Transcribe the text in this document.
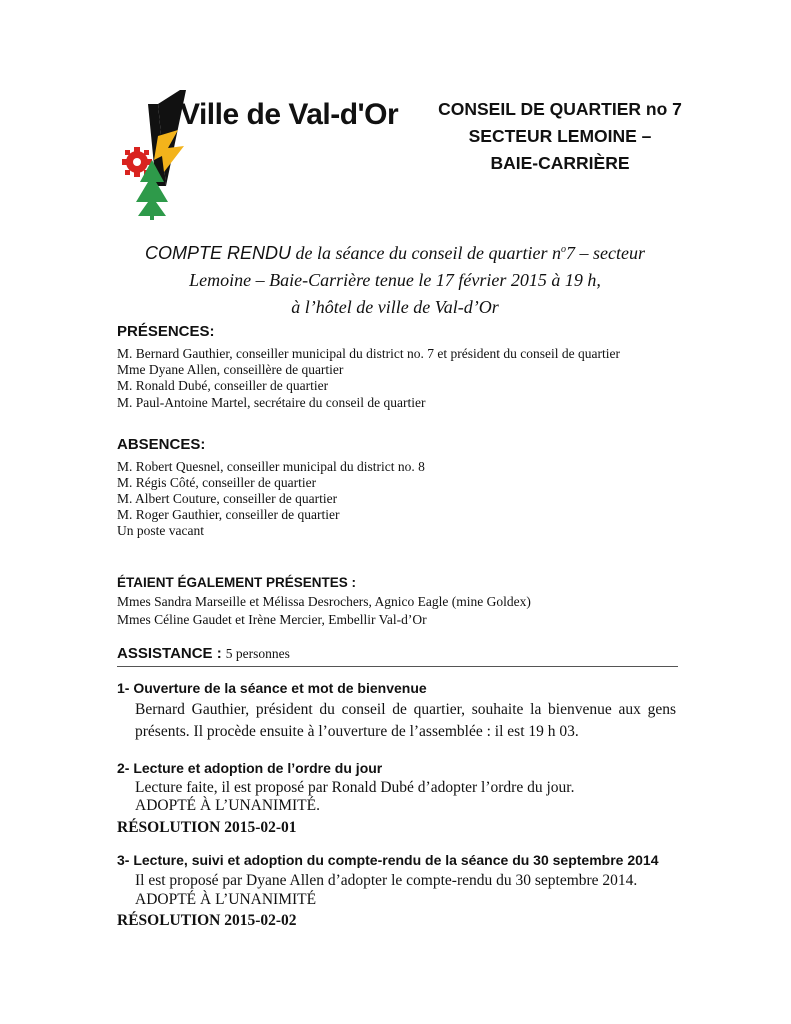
Ville de Val-d'Or	CONSEIL DE QUARTIER no 7
SECTEUR LEMOINE –
BAIE-CARRIÈRE
COMPTE RENDU de la séance du conseil de quartier $n^o7$ – secteur
Lemoine – Baie-Carrière tenue le 17 février 2015 à 19 h,
à l’hôtel de ville de Val-d’Or
PRÉSENCES:
M. Bernard Gauthier, conseiller municipal du district no. 7 et président du conseil de quartier
Mme Dyane Allen, conseillère de quartier
M. Ronald Dubé, conseiller de quartier
M. Paul-Antoine Martel, secrétaire du conseil de quartier
ABSENCES:
M. Robert Quesnel, conseiller municipal du district no. 8
M. Régis Côté, conseiller de quartier
M. Albert Couture, conseiller de quartier
M. Roger Gauthier, conseiller de quartier
Un poste vacant
ÉTAIENT ÉGALEMENT PRÉSENTES :
Mmes Sandra Marseille et Mélissa Desrochers, Agnico Eagle (mine Goldex)
Mmes Céline Gaudet et Irène Mercier, Embellir Val-d’Or
ASSISTANCE : 5 personnes
1- Ouverture de la séance et mot de bienvenue
Bernard Gauthier, président du conseil de quartier, souhaite la bienvenue aux gens présents. Il procède ensuite à l’ouverture de l’assemblée : il est 19 h 03.
2- Lecture et adoption de l’ordre du jour
Lecture faite, il est proposé par Ronald Dubé d’adopter l’ordre du jour.
ADOPTÉ À L’UNANIMITÉ.
RÉSOLUTION 2015-02-01
3- Lecture, suivi et adoption du compte-rendu de la séance du 30 septembre 2014
Il est proposé par Dyane Allen d’adopter le compte-rendu du 30 septembre 2014.
ADOPTÉ À L’UNANIMITÉ
RÉSOLUTION 2015-02-02
